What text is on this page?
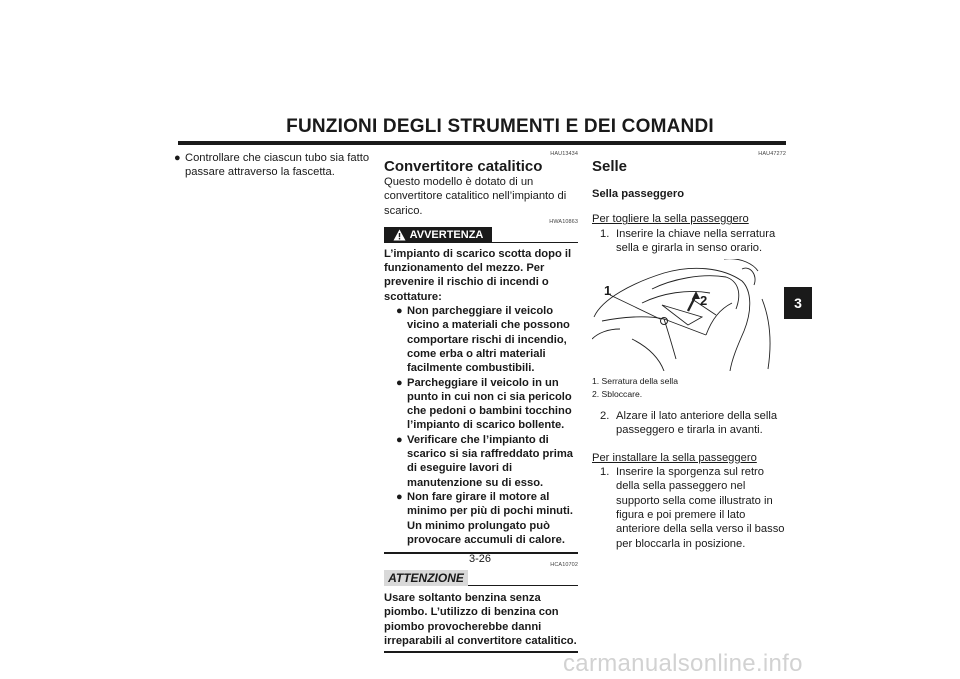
FUNZIONI DEGLI STRUMENTI E DEI COMANDI
3
● Controllare che ciascun tubo sia fatto passare attraverso la fascetta.
HAU13434
Convertitore catalitico
Questo modello è dotato di un convertitore catalitico nell’impianto di scarico.
HWA10863
AVVERTENZA
L’impianto di scarico scotta dopo il funzionamento del mezzo. Per prevenire il rischio di incendi o scottature:
● Non parcheggiare il veicolo vicino a materiali che possono comportare rischi di incendio, come erba o altri materiali facilmente combustibili.
● Parcheggiare il veicolo in un punto in cui non ci sia pericolo che pedoni o bambini tocchino l’impianto di scarico bollente.
● Verificare che l’impianto di scarico si sia raffreddato prima di eseguire lavori di manutenzione su di esso.
● Non fare girare il motore al minimo per più di pochi minuti. Un minimo prolungato può provocare accumuli di calore.
HCA10702
ATTENZIONE
Usare soltanto benzina senza piombo. L’utilizzo di benzina con piombo provocherebbe danni irreparabili al convertitore catalitico.
HAU47272
Selle
Sella passeggero
Per togliere la sella passeggero
1. Inserire la chiave nella serratura sella e girarla in senso orario.
1
2
1. Serratura della sella
2. Sbloccare.
2. Alzare il lato anteriore della sella passeggero e tirarla in avanti.
Per installare la sella passeggero
1. Inserire la sporgenza sul retro della sella passeggero nel supporto sella come illustrato in figura e poi premere il lato anteriore della sella verso il basso per bloccarla in posizione.
3-26
carmanualsonline.info
